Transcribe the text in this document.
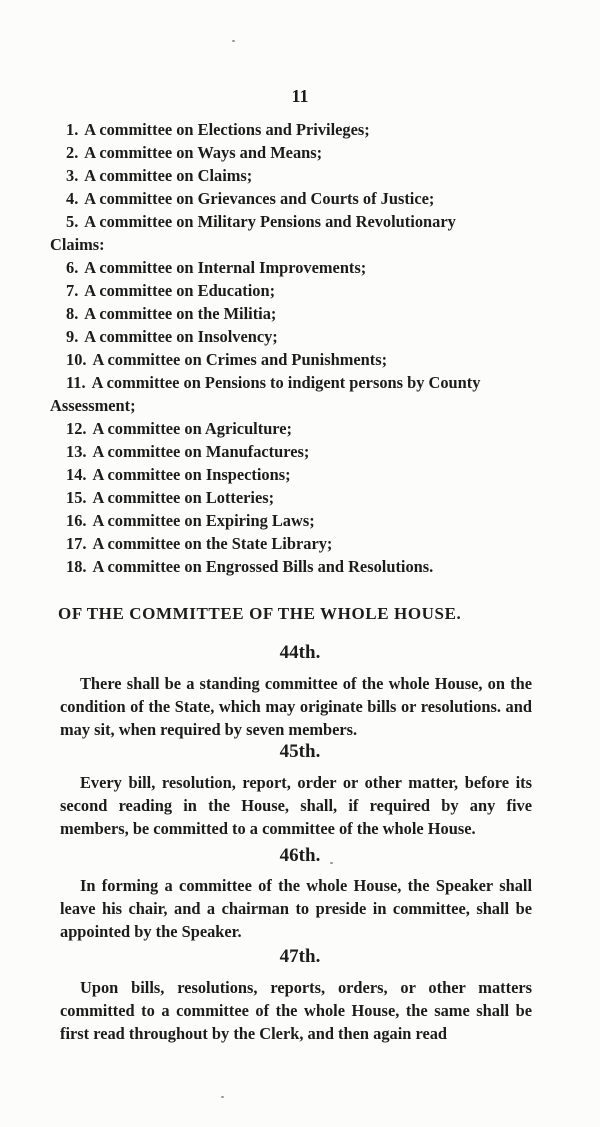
11
1. A committee on Elections and Privileges;
2. A committee on Ways and Means;
3. A committee on Claims;
4. A committee on Grievances and Courts of Justice;
5. A committee on Military Pensions and Revolutionary
Claims:
6. A committee on Internal Improvements;
7. A committee on Education;
8. A committee on the Militia;
9. A committee on Insolvency;
10. A committee on Crimes and Punishments;
11. A committee on Pensions to indigent persons by County
Assessment;
12. A committee on Agriculture;
13. A committee on Manufactures;
14. A committee on Inspections;
15. A committee on Lotteries;
16. A committee on Expiring Laws;
17. A committee on the State Library;
18. A committee on Engrossed Bills and Resolutions.
OF THE COMMITTEE OF THE WHOLE HOUSE.
44th.
There shall be a standing committee of the whole House, on the condition of the State, which may originate bills or resolutions. and may sit, when required by seven members.
45th.
Every bill, resolution, report, order or other matter, before its second reading in the House, shall, if required by any five members, be committed to a committee of the whole House.
46th.
In forming a committee of the whole House, the Speaker shall leave his chair, and a chairman to preside in committee, shall be appointed by the Speaker.
47th.
Upon bills, resolutions, reports, orders, or other matters committed to a committee of the whole House, the same shall be first read throughout by the Clerk, and then again read
